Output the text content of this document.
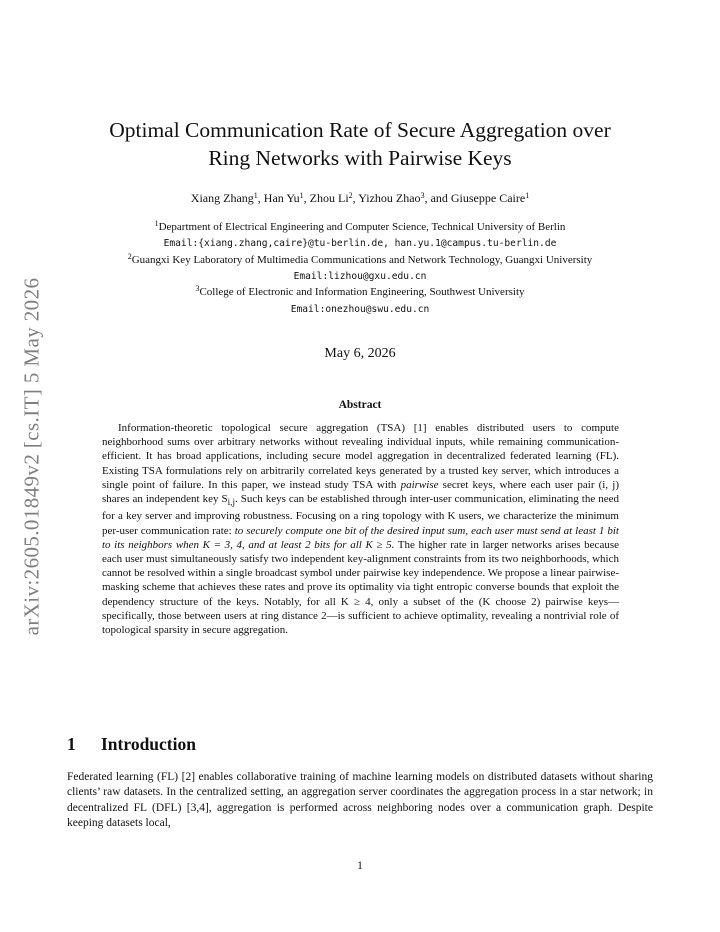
arXiv:2605.01849v2 [cs.IT] 5 May 2026
Optimal Communication Rate of Secure Aggregation over
Ring Networks with Pairwise Keys
Xiang Zhang$^1$, Han Yu$^1$, Zhou Li$^2$, Yizhou Zhao$^3$, and Giuseppe Caire$^1$
$^1$Department of Electrical Engineering and Computer Science, Technical University of Berlin
Email:{xiang.zhang,caire}@tu-berlin.de, han.yu.1@campus.tu-berlin.de
$^2$Guangxi Key Laboratory of Multimedia Communications and Network Technology, Guangxi University
Email:lizhou@gxu.edu.cn
$^3$College of Electronic and Information Engineering, Southwest University
Email:onezhou@swu.edu.cn
May 6, 2026
Abstract

Information-theoretic topological secure aggregation (TSA) [1] enables distributed users to compute neighborhood sums over arbitrary networks without revealing individual inputs, while remaining communication-efficient. It has broad applications, including secure model aggregation in decentralized federated learning (FL). Existing TSA formulations rely on arbitrarily correlated keys generated by a trusted key server, which introduces a single point of failure. In this paper, we instead study TSA with pairwise secret keys, where each user pair (i, j) shares an independent key $S_{i,j}$. Such keys can be established through inter-user communication, eliminating the need for a key server and improving robustness. Focusing on a ring topology with K users, we characterize the minimum per-user communication rate: to securely compute one bit of the desired input sum, each user must send at least 1 bit to its neighbors when K = 3, 4, and at least 2 bits for all K ≥ 5. The higher rate in larger networks arises because each user must simultaneously satisfy two independent key-alignment constraints from its two neighborhoods, which cannot be resolved within a single broadcast symbol under pairwise key independence. We propose a linear pairwise-masking scheme that achieves these rates and prove its optimality via tight entropic converse bounds that exploit the dependency structure of the keys. Notably, for all K ≥ 4, only a subset of the (K choose 2) pairwise keys—specifically, those between users at ring distance 2—is sufficient to achieve optimality, revealing a nontrivial role of topological sparsity in secure aggregation.

1 Introduction

Federated learning (FL) [2] enables collaborative training of machine learning models on distributed datasets without sharing clients’ raw datasets. In the centralized setting, an aggregation server coordinates the aggregation process in a star network; in decentralized FL (DFL) [3,4], aggregation is performed across neighboring nodes over a communication graph. Despite keeping datasets local,

1
